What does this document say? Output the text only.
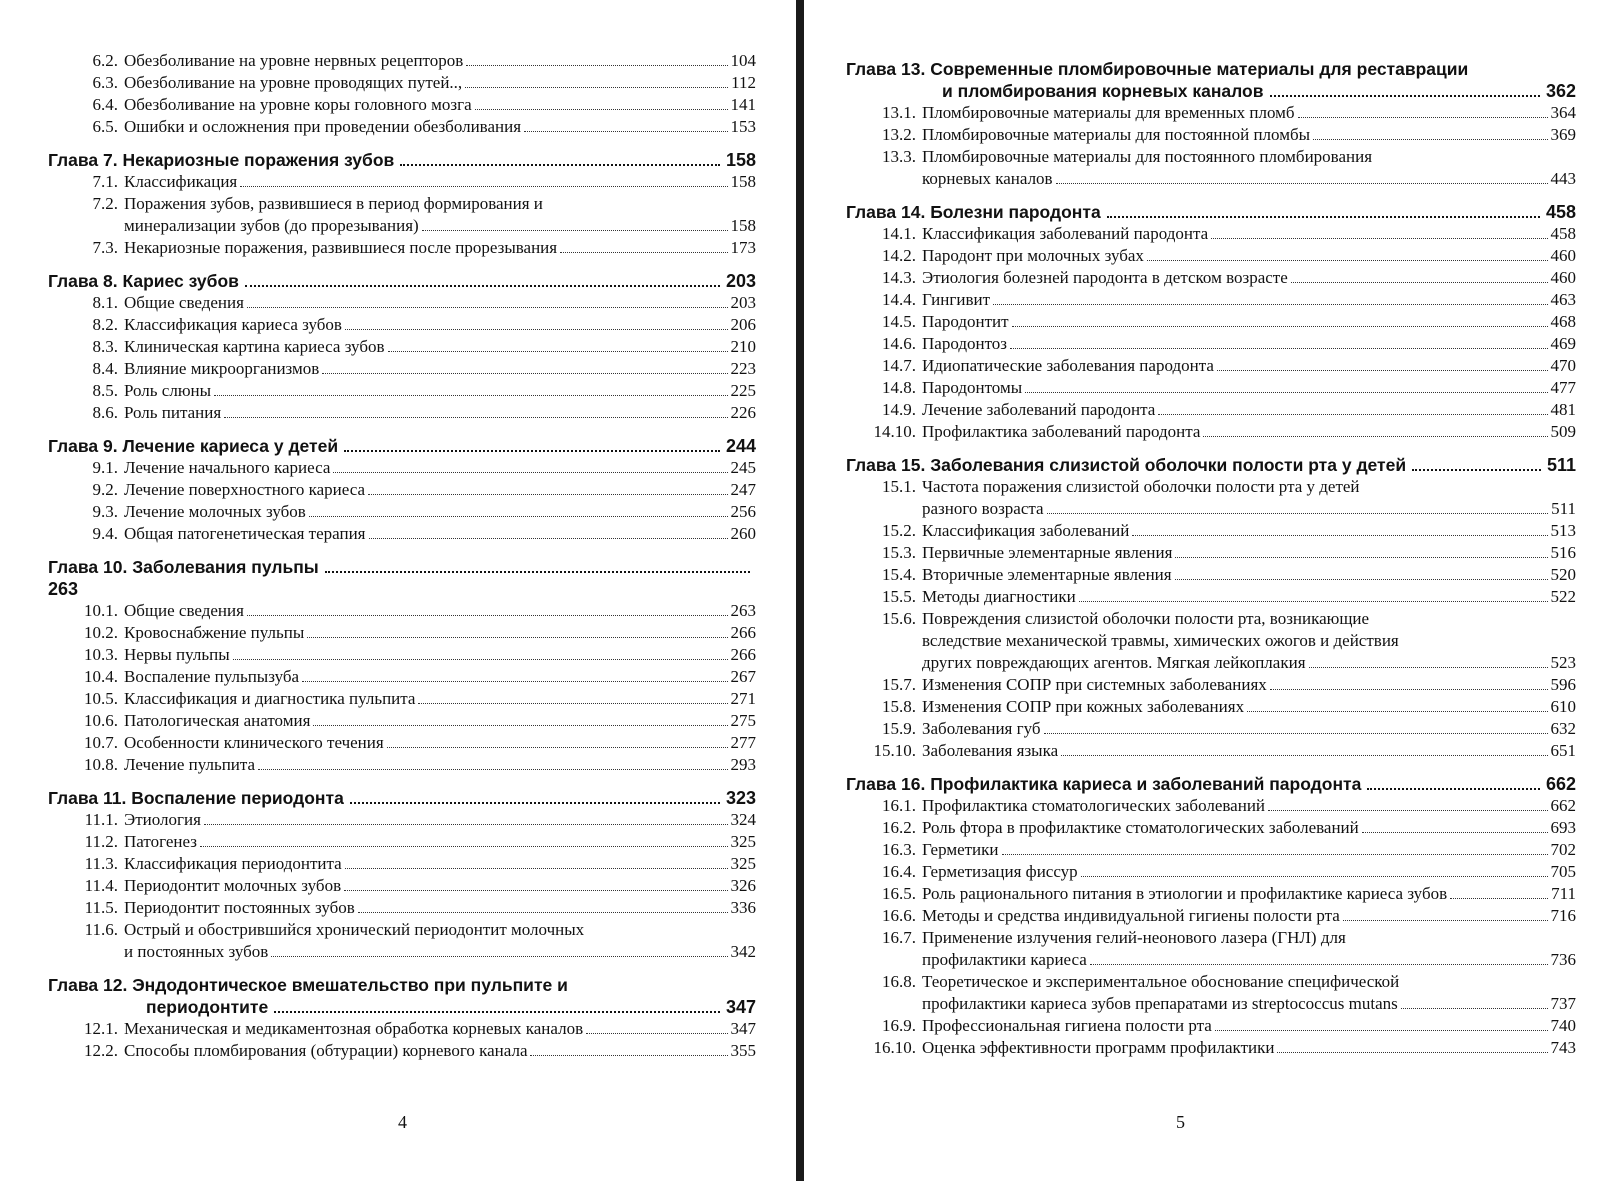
6.2. Обезболивание на уровне нервных рецепторов	104
6.3. Обезболивание на уровне проводящих путей..,	112
6.4. Обезболивание на уровне коры головного мозга	141
6.5. Ошибки и осложнения при проведении обезболивания	153
Глава 7. Некариозные поражения зубов	158
7.1. Классификация	158
7.2. Поражения зубов, развившиеся в период формирования и
минерализации зубов (до прорезывания)	158
7.3. Некариозные поражения, развившиеся после прорезывания	173
Глава 8. Кариес зубов	203
8.1. Общие сведения	203
8.2. Классификация кариеса зубов	206
8.3. Клиническая картина кариеса зубов	210
8.4. Влияние микроорганизмов	223
8.5. Роль слюны	225
8.6. Роль питания	226
Глава 9. Лечение кариеса у детей	244
9.1. Лечение начального кариеса	245
9.2. Лечение поверхностного кариеса	247
9.3. Лечение молочных зубов	256
9.4. Общая патогенетическая терапия	260
Глава 10. Заболевания пульпы
263
10.1. Общие сведения	263
10.2. Кровоснабжение пульпы	266
10.3. Нервы пульпы	266
10.4. Воспаление пульпызуба	267
10.5. Классификация и диагностика пульпита	271
10.6. Патологическая анатомия	275
10.7. Особенности клинического течения	277
10.8. Лечение пульпита	293
Глава 11. Воспаление периодонта	323
11.1. Этиология	324
11.2. Патогенез	325
11.3. Классификация периодонтита	325
11.4. Периодонтит молочных зубов	326
11.5. Периодонтит постоянных зубов	336
11.6. Острый и обострившийся хронический периодонтит молочных
и постоянных зубов	342
Глава 12. Эндодонтическое вмешательство при пульпите и
периодонтите	347
12.1. Механическая и медикаментозная обработка корневых каналов	347
12.2. Способы пломбирования (обтурации) корневого канала	355
4
Глава 13. Современные пломбировочные материалы для реставрации
и пломбирования корневых каналов	362
13.1. Пломбировочные материалы для временных пломб	364
13.2. Пломбировочные материалы для постоянной пломбы	369
13.3. Пломбировочные материалы для постоянного пломбирования
корневых каналов	443
Глава 14. Болезни пародонта	458
14.1. Классификация заболеваний пародонта	458
14.2. Пародонт при молочных зубах	460
14.3. Этиология болезней пародонта в детском возрасте	460
14.4. Гингивит	463
14.5. Пародонтит	468
14.6. Пародонтоз	469
14.7. Идиопатические заболевания пародонта	470
14.8. Пародонтомы	477
14.9. Лечение заболеваний пародонта	481
14.10. Профилактика заболеваний пародонта	509
Глава 15. Заболевания слизистой оболочки полости рта у детей	511
15.1. Частота поражения слизистой оболочки полости рта у детей
разного возраста	511
15.2. Классификация заболеваний	513
15.3. Первичные элементарные явления	516
15.4. Вторичные элементарные явления	520
15.5. Методы диагностики	522
15.6. Повреждения слизистой оболочки полости рта, возникающие
вследствие механической травмы, химических ожогов и действия
других повреждающих агентов. Мягкая лейкоплакия	523
15.7. Изменения СОПР при системных заболеваниях	596
15.8. Изменения СОПР при кожных заболеваниях	610
15.9. Заболевания губ	632
15.10. Заболевания языка	651
Глава 16. Профилактика кариеса и заболеваний пародонта	662
16.1. Профилактика стоматологических заболеваний	662
16.2. Роль фтора в профилактике стоматологических заболеваний	693
16.3. Герметики	702
16.4. Герметизация фиссур	705
16.5. Роль рационального питания в этиологии и профилактике кариеса зубов	711
16.6. Методы и средства индивидуальной гигиены полости рта	716
16.7. Применение излучения гелий-неонового лазера (ГНЛ) для
профилактики кариеса	736
16.8. Теоретическое и экспериментальное обоснование специфической
профилактики кариеса зубов препаратами из streptococcus mutans	737
16.9. Профессиональная гигиена полости рта	740
16.10. Оценка эффективности программ профилактики	743
5
